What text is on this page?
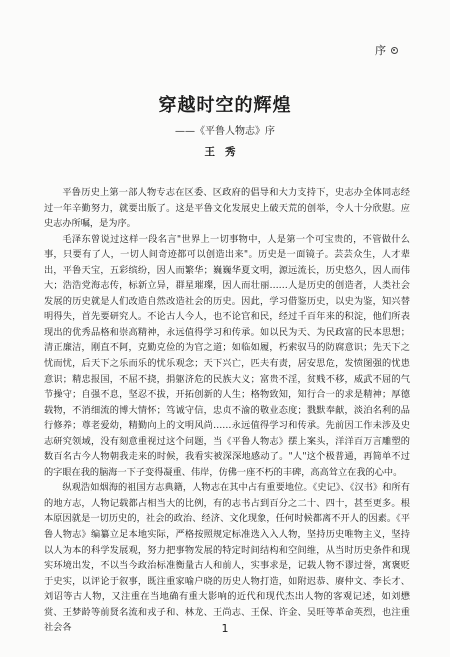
序
穿越时空的辉煌
——《平鲁人物志》序
王秀

平鲁历史上第一部人物专志在区委、区政府的倡导和大力支持下，史志办全体同志经过一年辛勤努力，就要出版了。这是平鲁文化发展史上破天荒的创举，令人十分欣慰。应史志办所嘱，是为序。

毛泽东曾说过这样一段名言"世界上一切事物中，人是第一个可宝贵的，不管做什么事，只要有了人，一切人间奇迹都可以创造出来"。历史是一面镜子。芸芸众生，人才辈出，平鲁天宝，五彩缤纷，因人而繁华；巍巍华夏文明，源远流长，历史悠久，因人而伟大；浩浩党海志传，标新立异，群星璀璨，因人而壮丽……人是历史的创造者，人类社会发展的历史就是人们改造自然改造社会的历史。因此，学习借鉴历史，以史为鉴，知兴替明得失，首先要研究人。不论古人今人，也不论官和民，经过千百年来的积淀，他们所表现出的优秀品格和崇高精神，永远值得学习和传承。如以民为天、为民政富的民本思想；清正廉洁，刚直不阿，克勤克俭的为官之道；如临如履，朽索驭马的防腐意识；先天下之忧而忧，后天下之乐而乐的忧乐观念；天下兴亡，匹夫有责，居安思危，发愤图强的忧患意识；精忠报国，不屈不挠，捐躯济危的民族大义；富贵不淫，贫贱不移，威武不屈的气节操守；自强不息，坚忍不拔，开拓创新的人生；格物致知，知行合一的求是精神；厚德载物，不消细流的博大情怀；笃诚守信，忠贞不渝的敬业态度；戮默奉献，淡泊名利的品行修养；尊老爱幼，精勤向上的文明风尚……永远值得学习和传承。先前因工作未涉及史志研究领域，没有刻意重视过这个问题，当《平鲁人物志》摆上案头，洋洋百万言雕塑的数百名古今人物朝我走来的时候，我看实被深深地感动了。"人"这个极普通，再简单不过的字眼在我的脑海一下子变得凝重、伟岸，仿佛一座不朽的丰碑，高高耸立在我的心中。

纵观浩如烟海的祖国方志典籍，人物志在其中占有重要地位。《史记》、《汉书》和所有的地方志，人物记载都占相当大的比例，有的志书占到百分之二十、四十，甚至更多。根本原因就是一切历史的，社会的政治、经济、文化现象，任何时候都离不开人的因素。《平鲁人物志》编纂立足本地实际，严格按照规定标准选入入人物，坚持历史唯物主义，坚持以人为本的科学发展观，努力把事物发展的特定时间结构和空间维，从当时历史条件和现实环境出发，不以当今政治标准衡量古人和前人，实事求是，记载人物不谬过誉，寓褒贬于史实，以评论于叙事，既注重家喻户晓的历史人物打造，如附迟恭、赓仲文、李长才、刘诏等古人物，又注重在当地确有重大影响的近代和现代杰出人物的客观记述，如刘懋赏、王梦龄等前贤名流和戎子和、林龙、王尚志、王保、许金、吴旺等革命英烈，也注重社会各	1
